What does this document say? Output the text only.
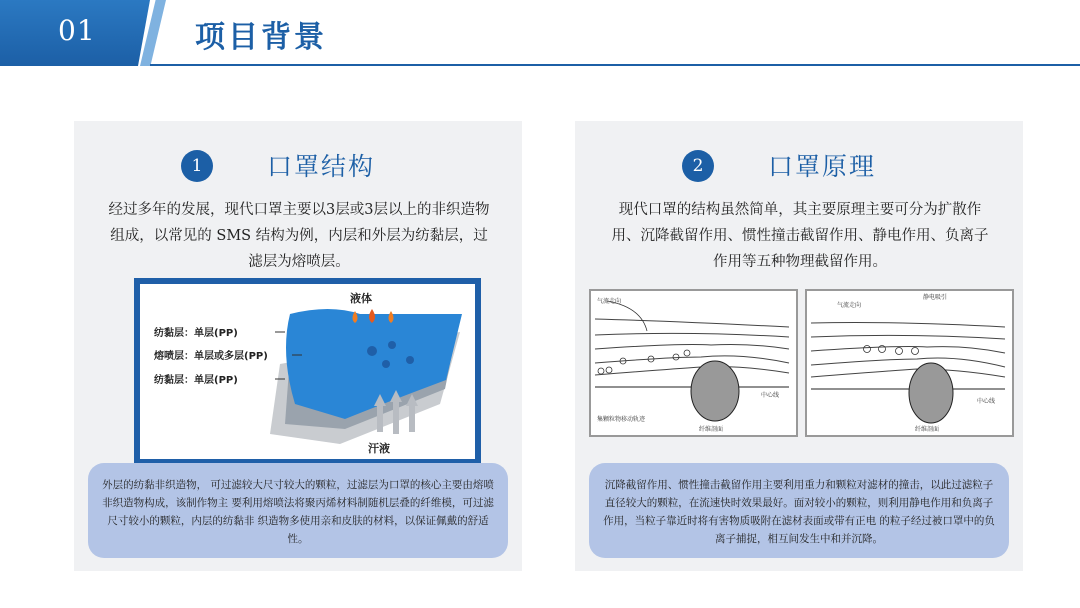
01	项目背景
1	口罩结构
经过多年的发展，现代口罩主要以3层或3层以上的非织造物组成，以常见的 SMS 结构为例，内层和外层为纺黏层，过滤层为熔喷层。
液体
汗液
纺黏层：单层(PP)
熔喷层：单层或多层(PP)
纺黏层：单层(PP)
外层的纺黏非织造物， 可过滤较大尺寸较大的颗粒，过滤层为口罩的核心主要由熔喷非织造物构成，该制作物主 要利用熔喷法将聚丙烯材料制随机层叠的纤维模，可过滤尺寸较小的颗粒，内层的纺黏非 织造物多使用亲和皮肤的材料，以保证佩戴的舒适性。
2	口罩原理
现代口罩的结构虽然简单，其主要原理主要可分为扩散作用、沉降截留作用、惯性撞击截留作用、静电作用、负离子作用等五种物理截留作用。
气流走向
中心线
集颗粒物移动轨迹
纤维剖面
气流走向
静电吸引
中心线
纤维剖面
沉降截留作用、惯性撞击截留作用主要利用重力和颗粒对滤材的撞击，以此过滤粒子直径较大的颗粒，在流速快时效果最好。面对较小的颗粒，则利用静电作用和负离子作用，当粒子靠近时将有害物质吸附在滤材表面或带有正电 的粒子经过被口罩中的负离子捕捉，相互间发生中和并沉降。
